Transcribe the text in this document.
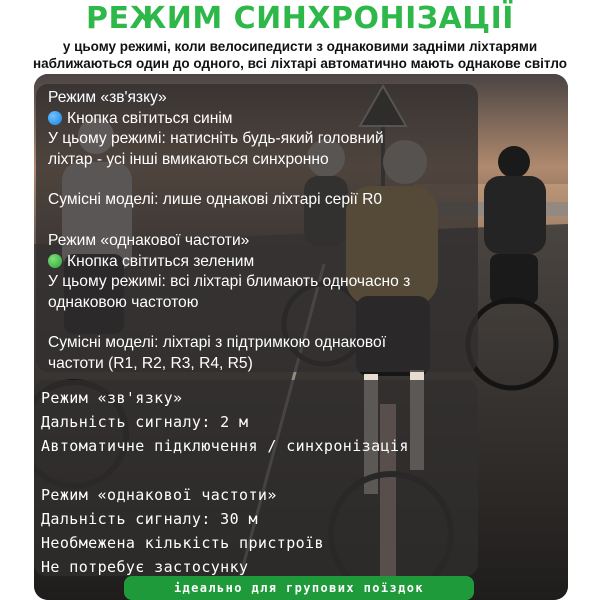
РЕЖИМ СИНХРОНІЗАЦІЇ
у цьому режимі, коли велосипедисти з однаковими задніми ліхтарями
наближаються один до одного, всі ліхтарі автоматично мають однакове світло
Режим «зв'язку»
Кнопка світиться синім
У цьому режимі: натисніть будь-який головний
ліхтар - усі інші вмикаються синхронно
Сумісні моделі: лише однакові ліхтарі серії R0
Режим «однакової частоти»
Кнопка світиться зеленим
У цьому режимі: всі ліхтарі блимають одночасно з
однаковою частотою
Сумісні моделі: ліхтарі з підтримкою однакової
частоти (R1, R2, R3, R4, R5)
Режим «зв'язку»
Дальність сигналу: 2 м
Автоматичне підключення / синхронізація
Режим «однакової частоти»
Дальність сигналу: 30 м
Необмежена кількість пристроїв
Не потребує застосунку
ідеально для групових поїздок
